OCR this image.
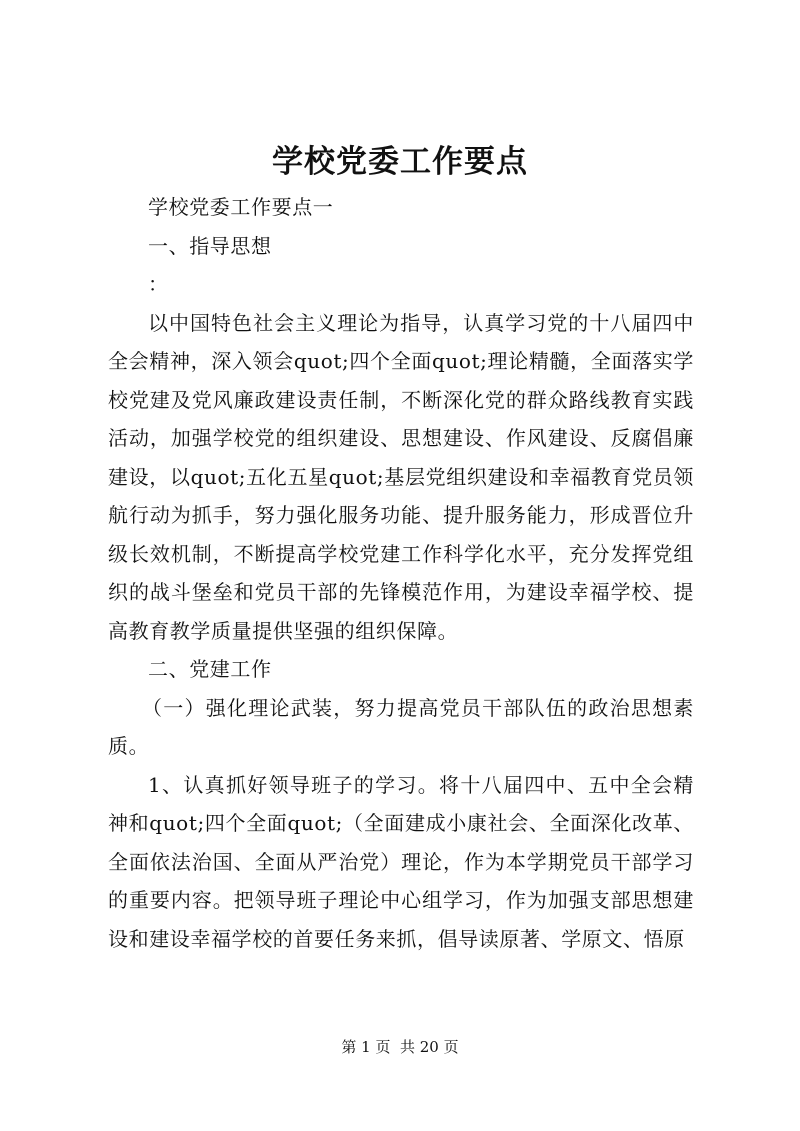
学校党委工作要点

学校党委工作要点一

一、指导思想

：

以中国特色社会主义理论为指导，认真学习党的十八届四中全会精神，深入领会quot;四个全面quot;理论精髓，全面落实学校党建及党风廉政建设责任制，不断深化党的群众路线教育实践活动，加强学校党的组织建设、思想建设、作风建设、反腐倡廉建设，以quot;五化五星quot;基层党组织建设和幸福教育党员领航行动为抓手，努力强化服务功能、提升服务能力，形成晋位升级长效机制，不断提高学校党建工作科学化水平，充分发挥党组织的战斗堡垒和党员干部的先锋模范作用，为建设幸福学校、提高教育教学质量提供坚强的组织保障。

二、党建工作

（一）强化理论武装，努力提高党员干部队伍的政治思想素质。

1、认真抓好领导班子的学习。将十八届四中、五中全会精神和quot;四个全面quot;（全面建成小康社会、全面深化改革、全面依法治国、全面从严治党）理论，作为本学期党员干部学习的重要内容。把领导班子理论中心组学习，作为加强支部思想建设和建设幸福学校的首要任务来抓，倡导读原著、学原文、悟原

第 1 页  共 20 页
